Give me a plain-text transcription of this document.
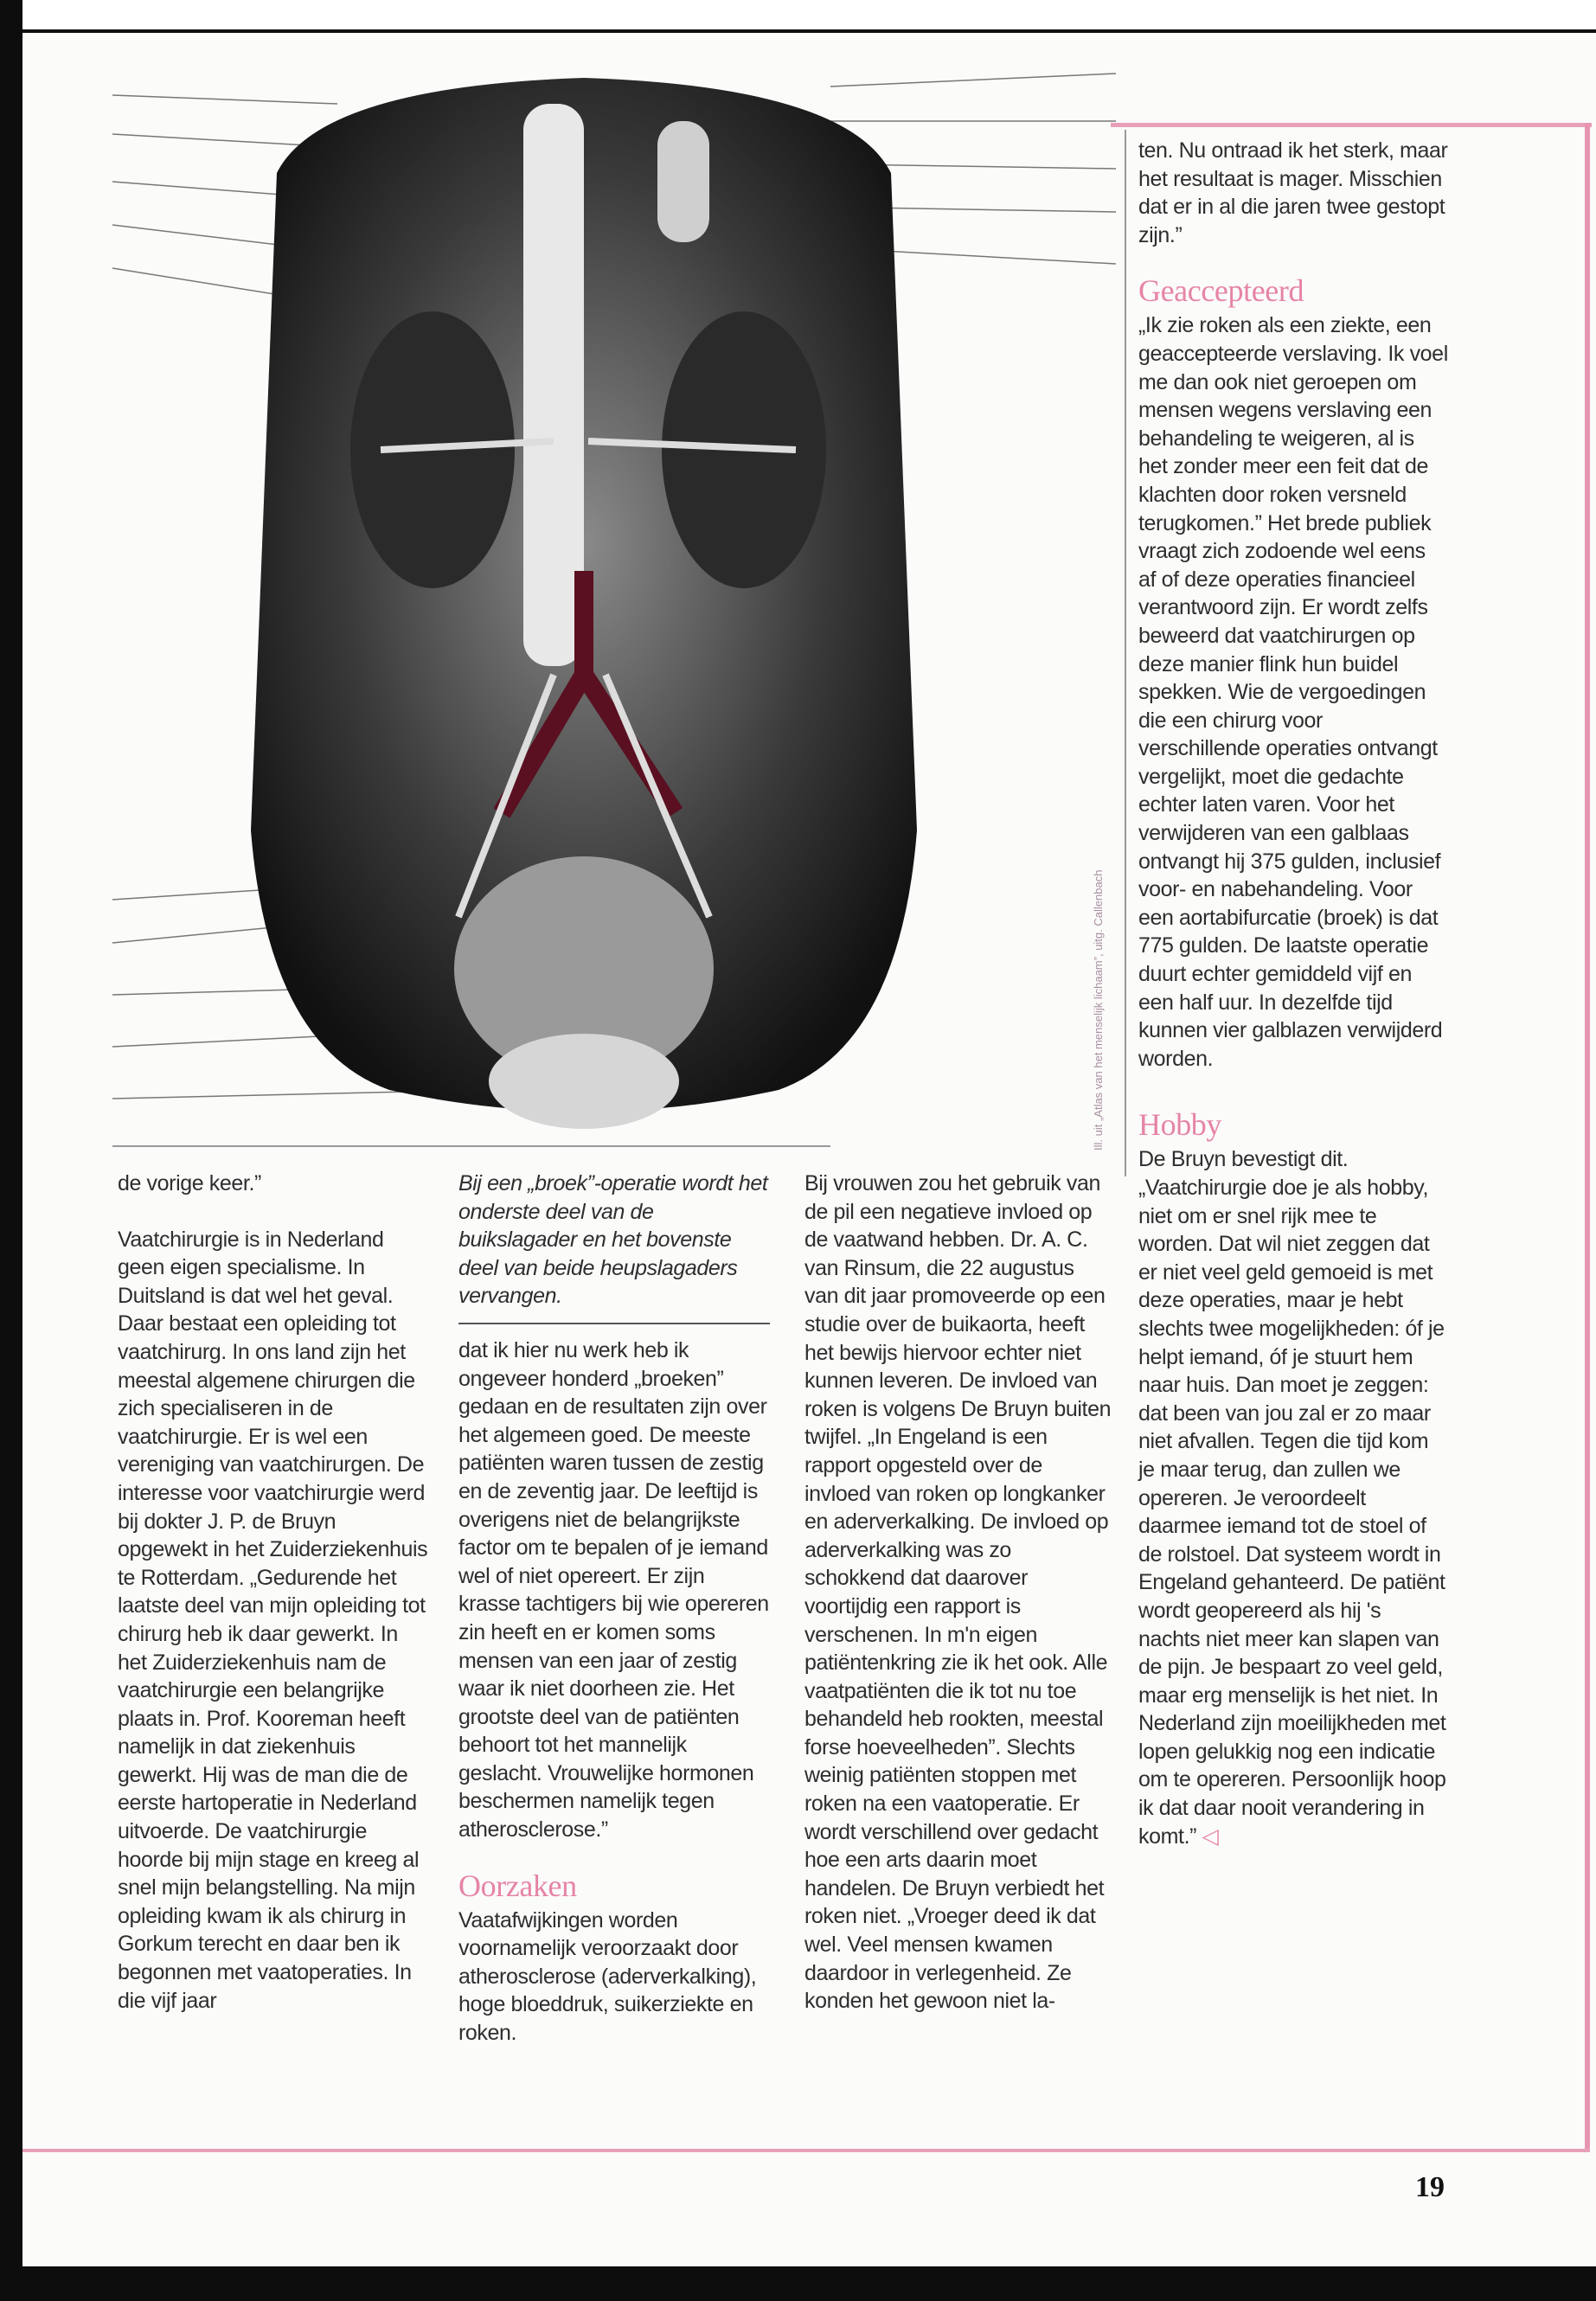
Ill. uit „Atlas van het menselijk lichaam”, uitg. Callenbach

de vorige keer.”

Vaatchirurgie is in Nederland geen eigen specialisme. In Duitsland is dat wel het geval. Daar bestaat een opleiding tot vaatchirurg. In ons land zijn het meestal algemene chirurgen die zich specialiseren in de vaatchirurgie. Er is wel een vereniging van vaatchirurgen. De interesse voor vaatchirurgie werd bij dokter J. P. de Bruyn opgewekt in het Zuiderziekenhuis te Rotterdam. „Gedurende het laatste deel van mijn opleiding tot chirurg heb ik daar gewerkt. In het Zuiderziekenhuis nam de vaatchirurgie een belangrijke plaats in. Prof. Kooreman heeft namelijk in dat ziekenhuis gewerkt. Hij was de man die de eerste hartoperatie in Nederland uitvoerde. De vaatchirurgie hoorde bij mijn stage en kreeg al snel mijn belangstelling. Na mijn opleiding kwam ik als chirurg in Gorkum terecht en daar ben ik begonnen met vaatoperaties. In die vijf jaar

Bij een „broek”-operatie wordt het onderste deel van de buikslagader en het bovenste deel van beide heupslagaders vervangen.

dat ik hier nu werk heb ik ongeveer honderd „broeken” gedaan en de resultaten zijn over het algemeen goed. De meeste patiënten waren tussen de zestig en de zeventig jaar. De leeftijd is overigens niet de belangrijkste factor om te bepalen of je iemand wel of niet opereert. Er zijn krasse tachtigers bij wie opereren zin heeft en er komen soms mensen van een jaar of zestig waar ik niet doorheen zie. Het grootste deel van de patiënten behoort tot het mannelijk geslacht. Vrouwelijke hormonen beschermen namelijk tegen atherosclerose.”

Oorzaken

Vaatafwijkingen worden voornamelijk veroorzaakt door atherosclerose (aderverkalking), hoge bloeddruk, suikerziekte en roken.

Bij vrouwen zou het gebruik van de pil een negatieve invloed op de vaatwand hebben. Dr. A. C. van Rinsum, die 22 augustus van dit jaar promoveerde op een studie over de buikaorta, heeft het bewijs hiervoor echter niet kunnen leveren. De invloed van roken is volgens De Bruyn buiten twijfel. „In Engeland is een rapport opgesteld over de invloed van roken op longkanker en aderverkalking. De invloed op aderverkalking was zo schokkend dat daarover voortijdig een rapport is verschenen. In m'n eigen patiëntenkring zie ik het ook. Alle vaatpatiënten die ik tot nu toe behandeld heb rookten, meestal forse hoeveelheden”. Slechts weinig patiënten stoppen met roken na een vaatoperatie. Er wordt verschillend over gedacht hoe een arts daarin moet handelen. De Bruyn verbiedt het roken niet. „Vroeger deed ik dat wel. Veel mensen kwamen daardoor in verlegenheid. Ze konden het gewoon niet la-

ten. Nu ontraad ik het sterk, maar het resultaat is mager. Misschien dat er in al die jaren twee gestopt zijn.”

Geaccepteerd

„Ik zie roken als een ziekte, een geaccepteerde verslaving. Ik voel me dan ook niet geroepen om mensen wegens verslaving een behandeling te weigeren, al is het zonder meer een feit dat de klachten door roken versneld terugkomen.” Het brede publiek vraagt zich zodoende wel eens af of deze operaties financieel verantwoord zijn. Er wordt zelfs beweerd dat vaatchirurgen op deze manier flink hun buidel spekken. Wie de vergoedingen die een chirurg voor verschillende operaties ontvangt vergelijkt, moet die gedachte echter laten varen. Voor het verwijderen van een galblaas ontvangt hij 375 gulden, inclusief voor- en nabehandeling. Voor een aortabifurcatie (broek) is dat 775 gulden. De laatste operatie duurt echter gemiddeld vijf en een half uur. In dezelfde tijd kunnen vier galblazen verwijderd worden.

Hobby

De Bruyn bevestigt dit. „Vaatchirurgie doe je als hobby, niet om er snel rijk mee te worden. Dat wil niet zeggen dat er niet veel geld gemoeid is met deze operaties, maar je hebt slechts twee mogelijkheden: óf je helpt iemand, óf je stuurt hem naar huis. Dan moet je zeggen: dat been van jou zal er zo maar niet afvallen. Tegen die tijd kom je maar terug, dan zullen we opereren. Je veroordeelt daarmee iemand tot de stoel of de rolstoel. Dat systeem wordt in Engeland gehanteerd. De patiënt wordt geopereerd als hij 's nachts niet meer kan slapen van de pijn. Je bespaart zo veel geld, maar erg menselijk is het niet. In Nederland zijn moeilijkheden met lopen gelukkig nog een indicatie om te opereren. Persoonlijk hoop ik dat daar nooit verandering in komt.” ◁

19
